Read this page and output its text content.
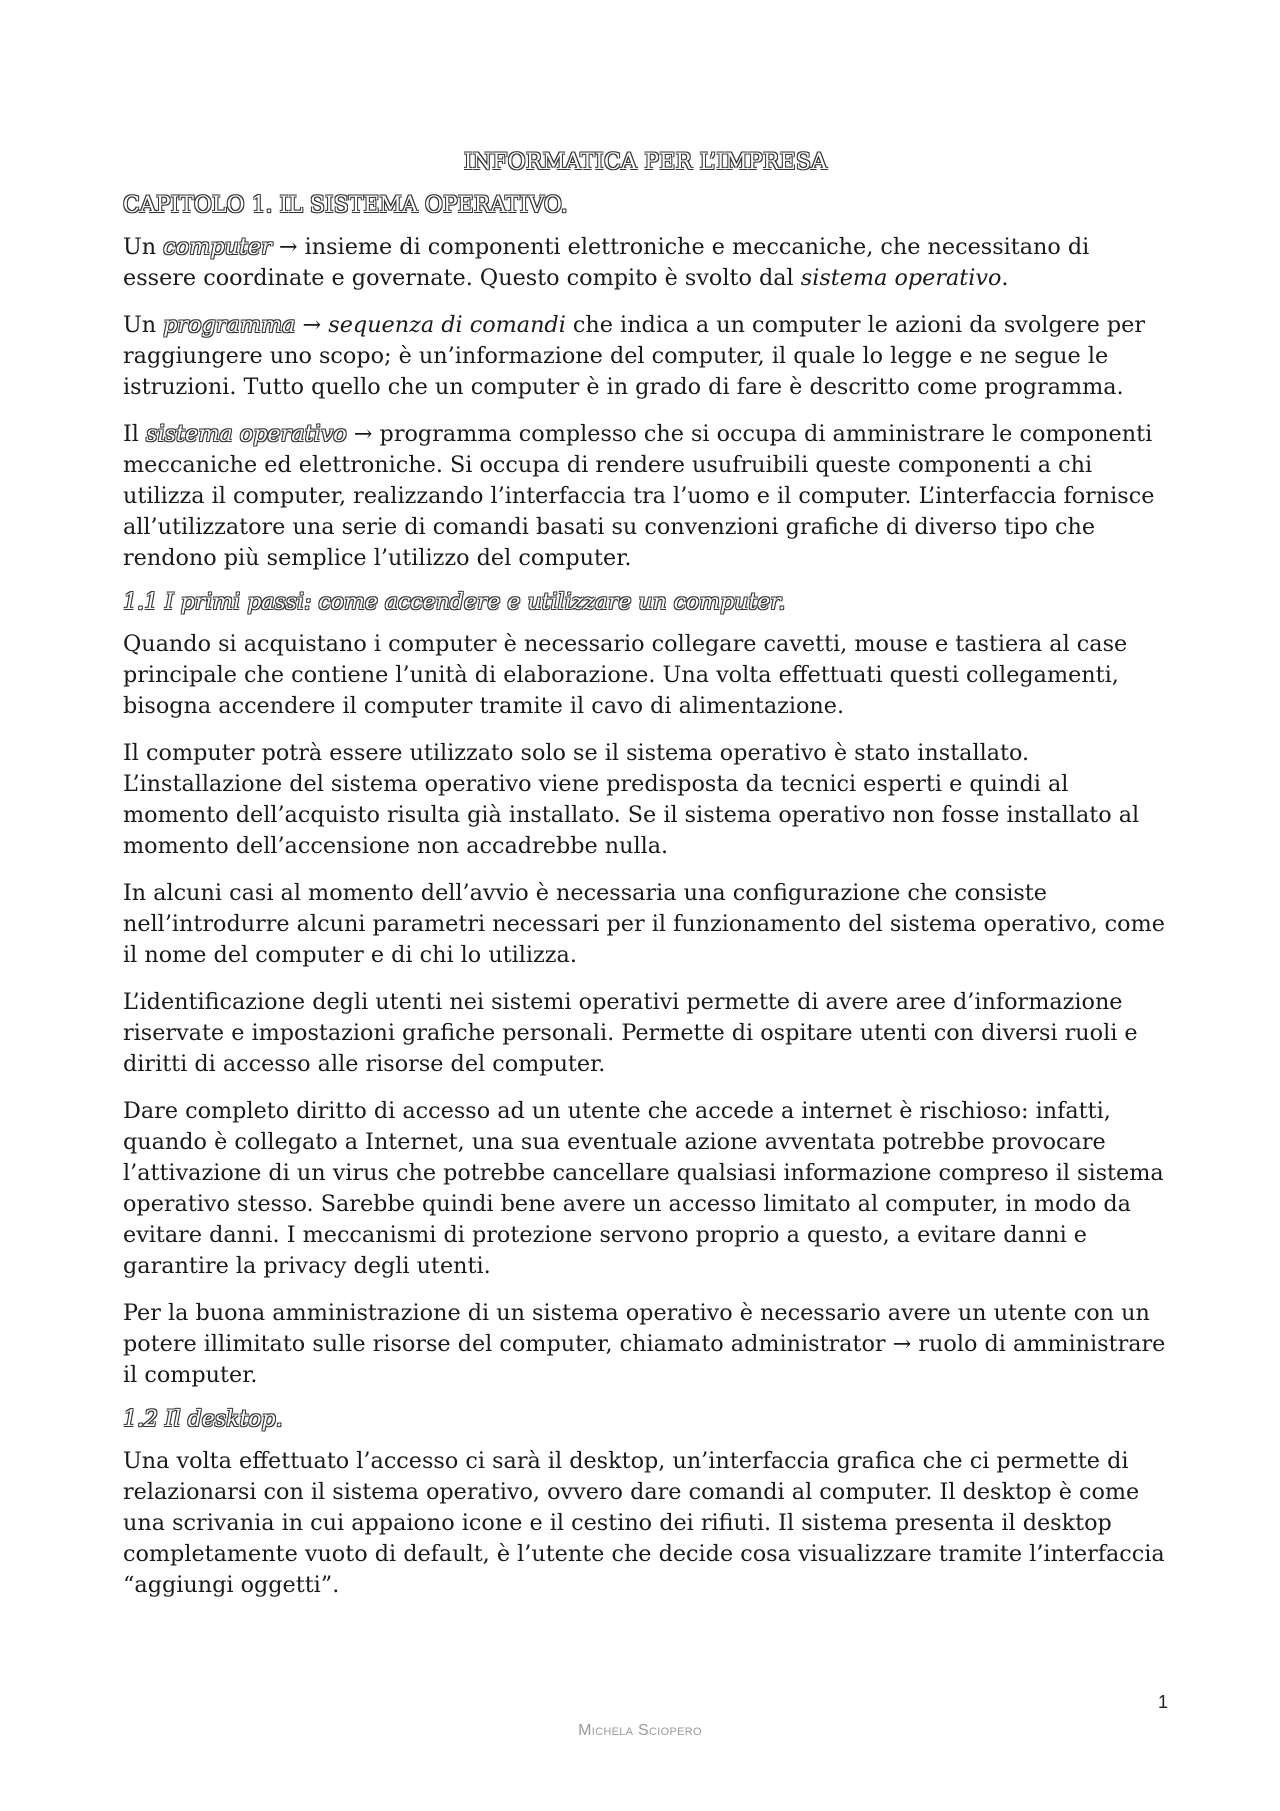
INFORMATICA PER L’IMPRESA
CAPITOLO 1. IL SISTEMA OPERATIVO.

Un computer → insieme di componenti elettroniche e meccaniche, che necessitano di essere coordinate e governate. Questo compito è svolto dal sistema operativo.

Un programma → sequenza di comandi che indica a un computer le azioni da svolgere per raggiungere uno scopo; è un’informazione del computer, il quale lo legge e ne segue le istruzioni. Tutto quello che un computer è in grado di fare è descritto come programma.

Il sistema operativo → programma complesso che si occupa di amministrare le componenti meccaniche ed elettroniche. Si occupa di rendere usufruibili queste componenti a chi utilizza il computer, realizzando l’interfaccia tra l’uomo e il computer. L’interfaccia fornisce all’utilizzatore una serie di comandi basati su convenzioni grafiche di diverso tipo che rendono più semplice l’utilizzo del computer.

1.1 I primi passi: come accendere e utilizzare un computer.

Quando si acquistano i computer è necessario collegare cavetti, mouse e tastiera al case principale che contiene l’unità di elaborazione. Una volta effettuati questi collegamenti, bisogna accendere il computer tramite il cavo di alimentazione.

Il computer potrà essere utilizzato solo se il sistema operativo è stato installato. L’installazione del sistema operativo viene predisposta da tecnici esperti e quindi al momento dell’acquisto risulta già installato. Se il sistema operativo non fosse installato al momento dell’accensione non accadrebbe nulla.

In alcuni casi al momento dell’avvio è necessaria una configurazione che consiste nell’introdurre alcuni parametri necessari per il funzionamento del sistema operativo, come il nome del computer e di chi lo utilizza.

L’identificazione degli utenti nei sistemi operativi permette di avere aree d’informazione riservate e impostazioni grafiche personali. Permette di ospitare utenti con diversi ruoli e diritti di accesso alle risorse del computer.

Dare completo diritto di accesso ad un utente che accede a internet è rischioso: infatti, quando è collegato a Internet, una sua eventuale azione avventata potrebbe provocare l’attivazione di un virus che potrebbe cancellare qualsiasi informazione compreso il sistema operativo stesso. Sarebbe quindi bene avere un accesso limitato al computer, in modo da evitare danni. I meccanismi di protezione servono proprio a questo, a evitare danni e garantire la privacy degli utenti.

Per la buona amministrazione di un sistema operativo è necessario avere un utente con un potere illimitato sulle risorse del computer, chiamato administrator → ruolo di amministrare il computer.

1.2 Il desktop.

Una volta effettuato l’accesso ci sarà il desktop, un’interfaccia grafica che ci permette di relazionarsi con il sistema operativo, ovvero dare comandi al computer. Il desktop è come una scrivania in cui appaiono icone e il cestino dei rifiuti. Il sistema presenta il desktop completamente vuoto di default, è l’utente che decide cosa visualizzare tramite l’interfaccia “aggiungi oggetti”.

1
Michela Sciopero
